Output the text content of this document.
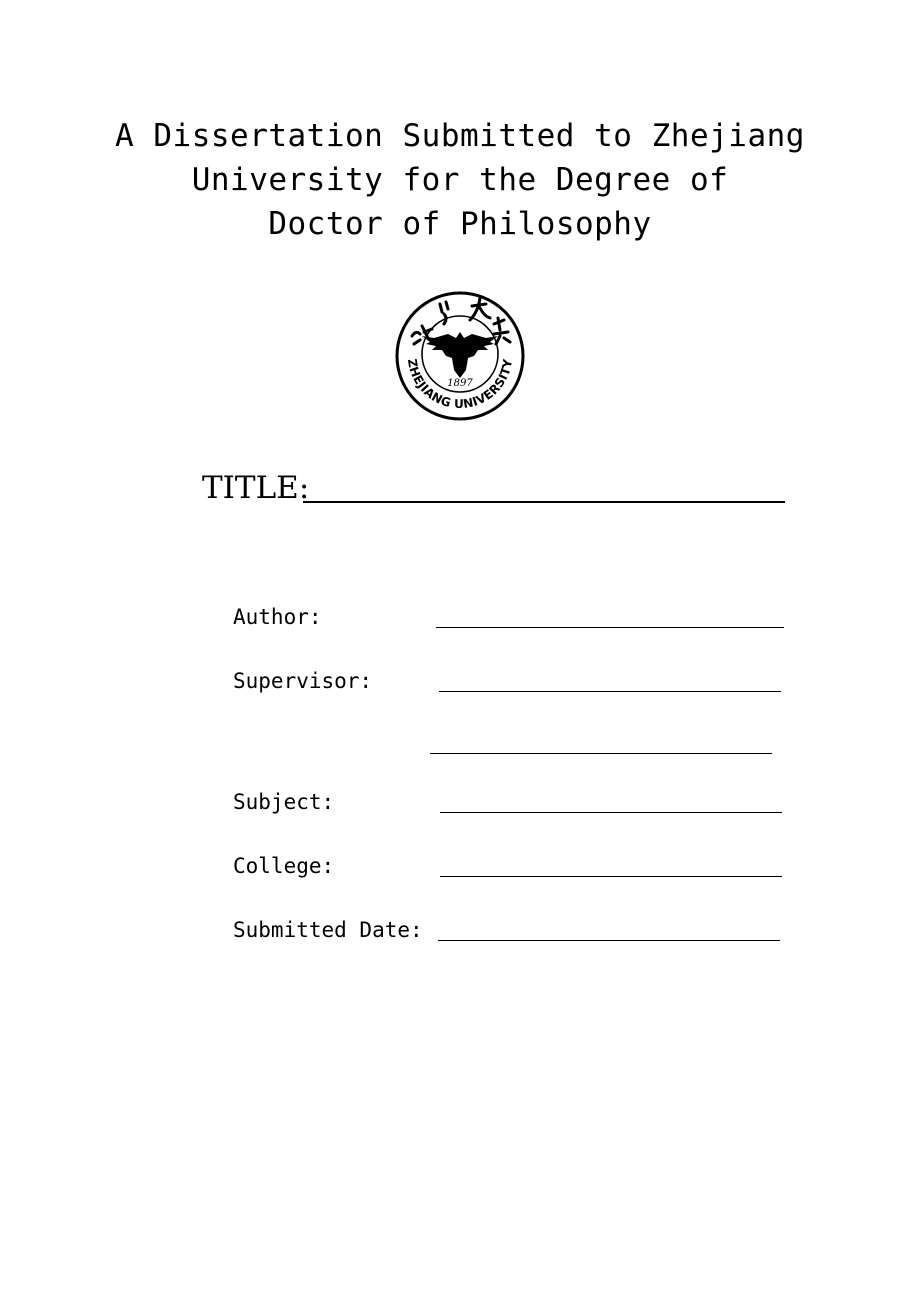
A Dissertation Submitted to Zhejiang
University for the Degree of
Doctor of Philosophy
1897
ZHEJIANG UNIVERSITY
TITLE:
Author:
Supervisor:
Subject:
College:
Submitted Date:
